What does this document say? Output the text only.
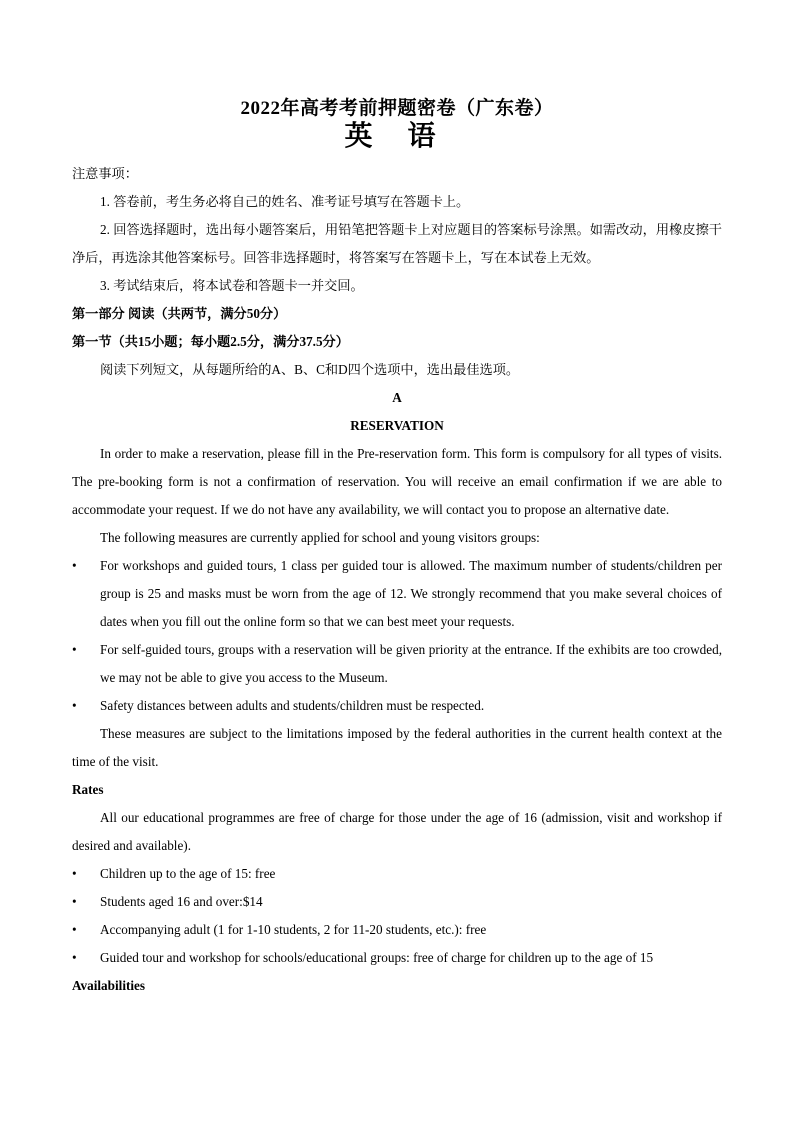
2022年高考考前押题密卷（广东卷）

英 语

注意事项：

1. 答卷前，考生务必将自己的姓名、准考证号填写在答题卡上。

2. 回答选择题时，选出每小题答案后，用铅笔把答题卡上对应题目的答案标号涂黑。如需改动，用橡皮擦干净后，再选涂其他答案标号。回答非选择题时，将答案写在答题卡上，写在本试卷上无效。

3. 考试结束后，将本试卷和答题卡一并交回。

第一部分 阅读（共两节，满分50分）

第一节（共15小题；每小题2.5分，满分37.5分）

阅读下列短文，从每题所给的A、B、C和D四个选项中，选出最佳选项。

A

RESERVATION

In order to make a reservation, please fill in the Pre-reservation form. This form is compulsory for all types of visits. The pre-booking form is not a confirmation of reservation. You will receive an email confirmation if we are able to accommodate your request. If we do not have any availability, we will contact you to propose an alternative date.

The following measures are currently applied for school and young visitors groups:

• For workshops and guided tours, 1 class per guided tour is allowed. The maximum number of students/children per group is 25 and masks must be worn from the age of 12. We strongly recommend that you make several choices of dates when you fill out the online form so that we can best meet your requests.

• For self-guided tours, groups with a reservation will be given priority at the entrance. If the exhibits are too crowded, we may not be able to give you access to the Museum.

• Safety distances between adults and students/children must be respected.

These measures are subject to the limitations imposed by the federal authorities in the current health context at the time of the visit.

Rates

All our educational programmes are free of charge for those under the age of 16 (admission, visit and workshop if desired and available).

• Children up to the age of 15: free

• Students aged 16 and over:$14

• Accompanying adult (1 for 1-10 students, 2 for 11-20 students, etc.): free

• Guided tour and workshop for schools/educational groups: free of charge for children up to the age of 15

Availabilities
